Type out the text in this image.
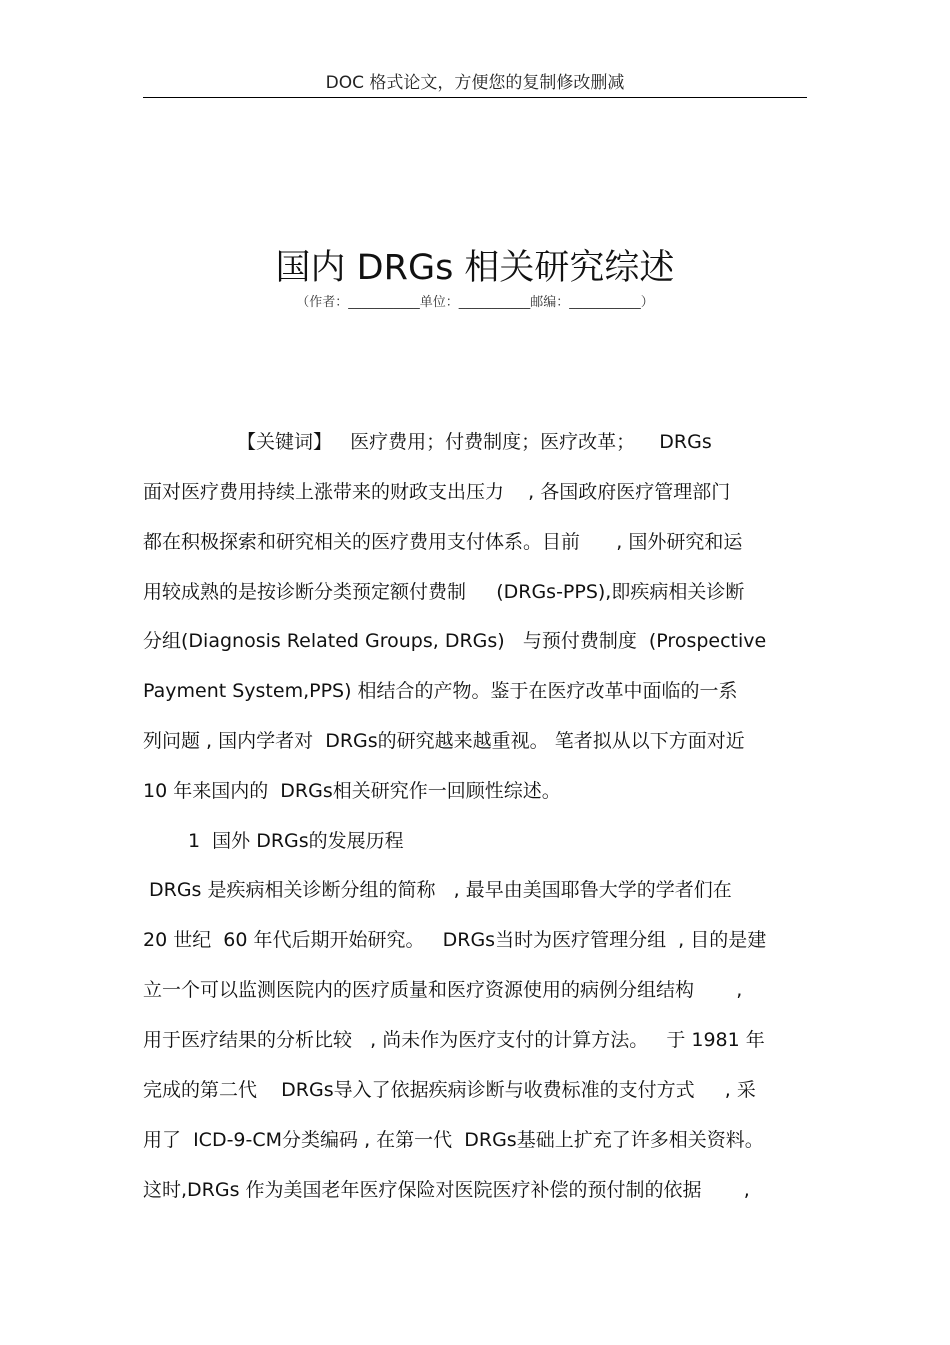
DOC 格式论文，方便您的复制修改删减
国内 DRGs 相关研究综述
（作者：___________单位：___________邮编：___________）
【关键词】   医疗费用；付费制度；医疗改革；    DRGs
面对医疗费用持续上涨带来的财政支出压力    , 各国政府医疗管理部门
都在积极探索和研究相关的医疗费用支付体系。目前      , 国外研究和运
用较成熟的是按诊断分类预定额付费制     (DRGs-PPS),即疾病相关诊断
分组(Diagnosis Related Groups, DRGs)   与预付费制度  (Prospective
Payment System,PPS) 相结合的产物。鉴于在医疗改革中面临的一系
列问题 , 国内学者对  DRGs的研究越来越重视。 笔者拟从以下方面对近
10 年来国内的  DRGs相关研究作一回顾性综述。
1  国外 DRGs的发展历程
DRGs 是疾病相关诊断分组的简称   , 最早由美国耶鲁大学的学者们在
20 世纪  60 年代后期开始研究。   DRGs当时为医疗管理分组  , 目的是建
立一个可以监测医院内的医疗质量和医疗资源使用的病例分组结构       ,
用于医疗结果的分析比较   , 尚未作为医疗支付的计算方法。   于 1981 年
完成的第二代    DRGs导入了依据疾病诊断与收费标准的支付方式     , 采
用了  ICD-9-CM分类编码 , 在第一代  DRGs基础上扩充了许多相关资料。
这时,DRGs 作为美国老年医疗保险对医院医疗补偿的预付制的依据       ,
